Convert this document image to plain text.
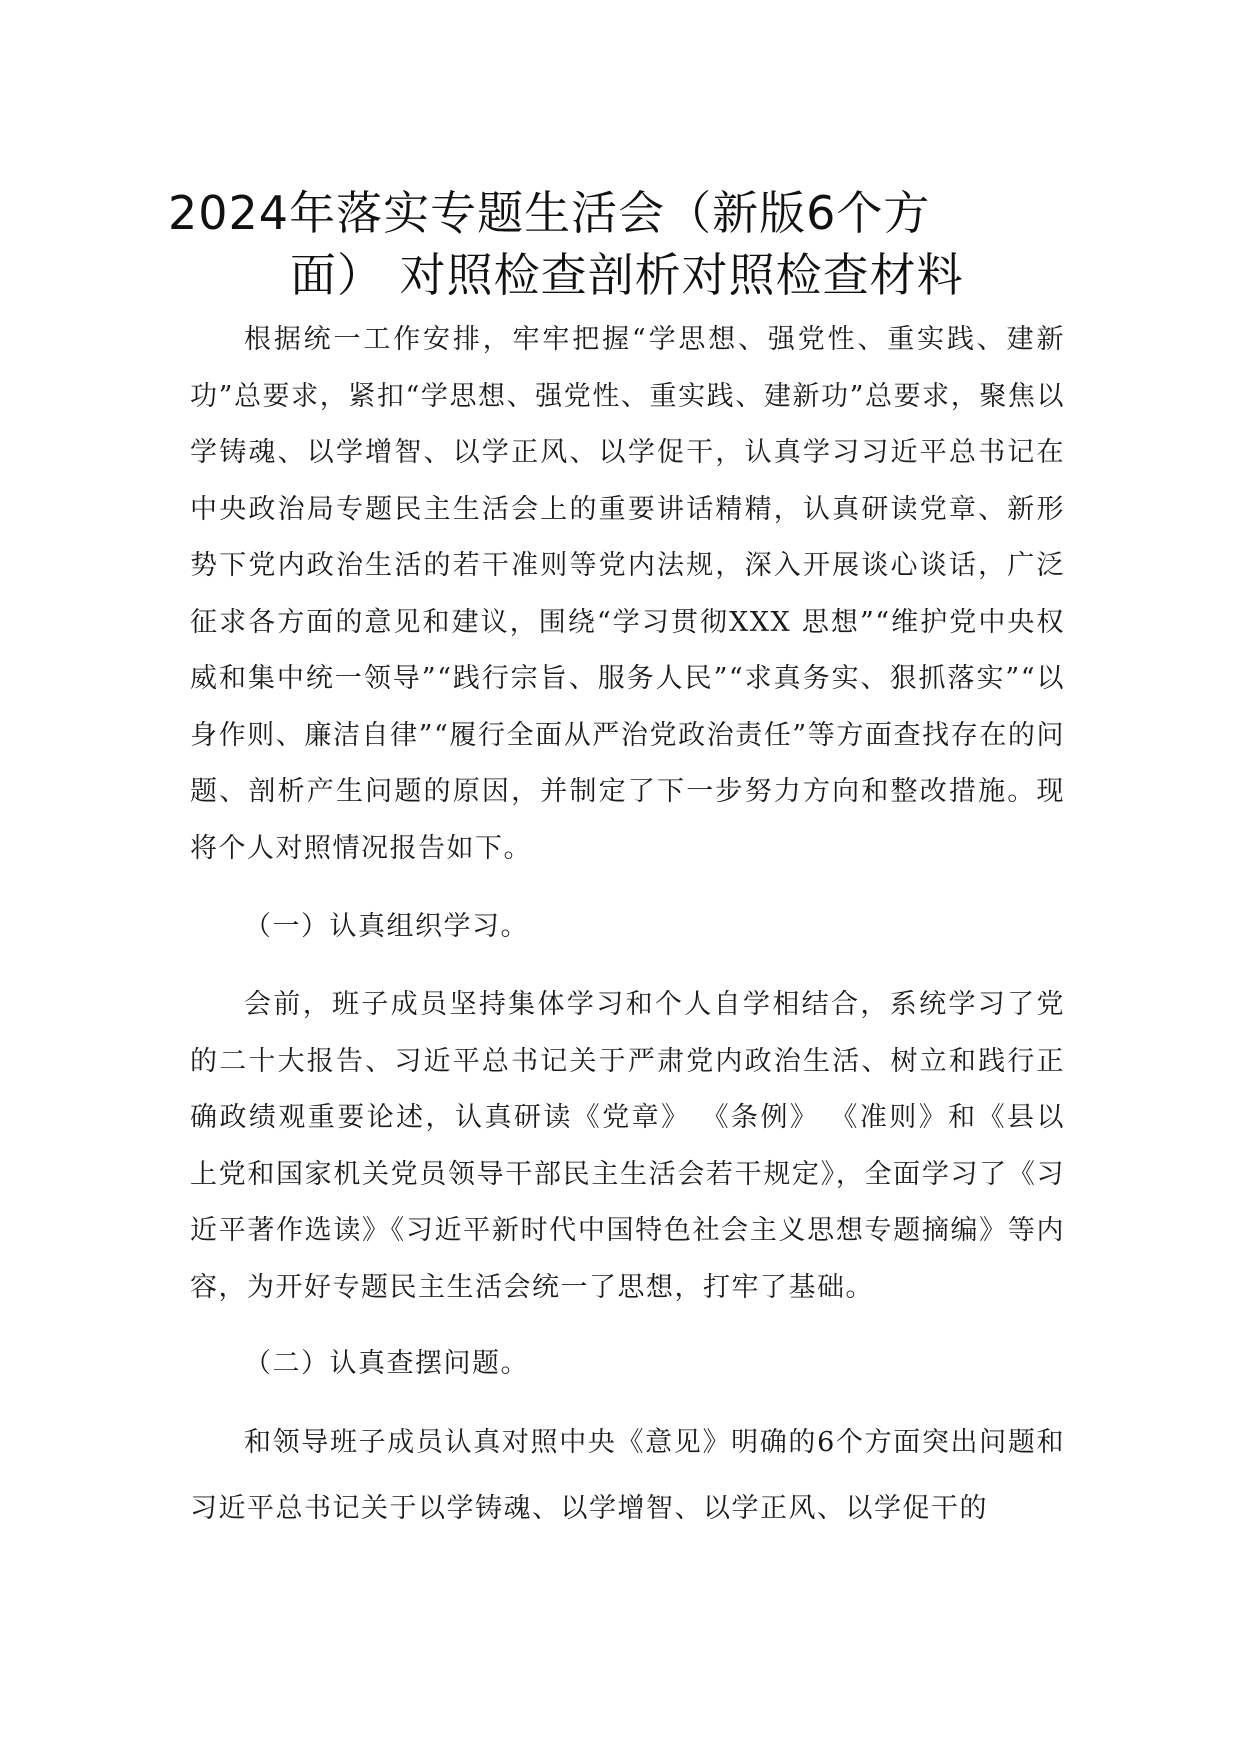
2024年落实专题生活会（新版6个方
面） 对照检查剖析对照检查材料

根据统一工作安排，牢牢把握“学思想、强党性、重实践、建新功”总要求，紧扣“学思想、强党性、重实践、建新功”总要求，聚焦以学铸魂、以学增智、以学正风、以学促干，认真学习习近平总书记在中央政治局专题民主生活会上的重要讲话精精，认真研读党章、新形势下党内政治生活的若干准则等党内法规，深入开展谈心谈话，广泛征求各方面的意见和建议，围绕“学习贯彻XXX 思想”“维护党中央权威和集中统一领导”“践行宗旨、服务人民”“求真务实、狠抓落实”“以身作则、廉洁自律”“履行全面从严治党政治责任”等方面查找存在的问题、剖析产生问题的原因，并制定了下一步努力方向和整改措施。现将个人对照情况报告如下。

（一）认真组织学习。

会前，班子成员坚持集体学习和个人自学相结合，系统学习了党的二十大报告、习近平总书记关于严肃党内政治生活、树立和践行正确政绩观重要论述，认真研读《党章》 《条例》 《准则》和《县以上党和国家机关党员领导干部民主生活会若干规定》，全面学习了《习近平著作选读》《习近平新时代中国特色社会主义思想专题摘编》等内容，为开好专题民主生活会统一了思想，打牢了基础。

（二）认真查摆问题。

和领导班子成员认真对照中央《意见》明确的6个方面突出问题和习近平总书记关于以学铸魂、以学增智、以学正风、以学促干的
